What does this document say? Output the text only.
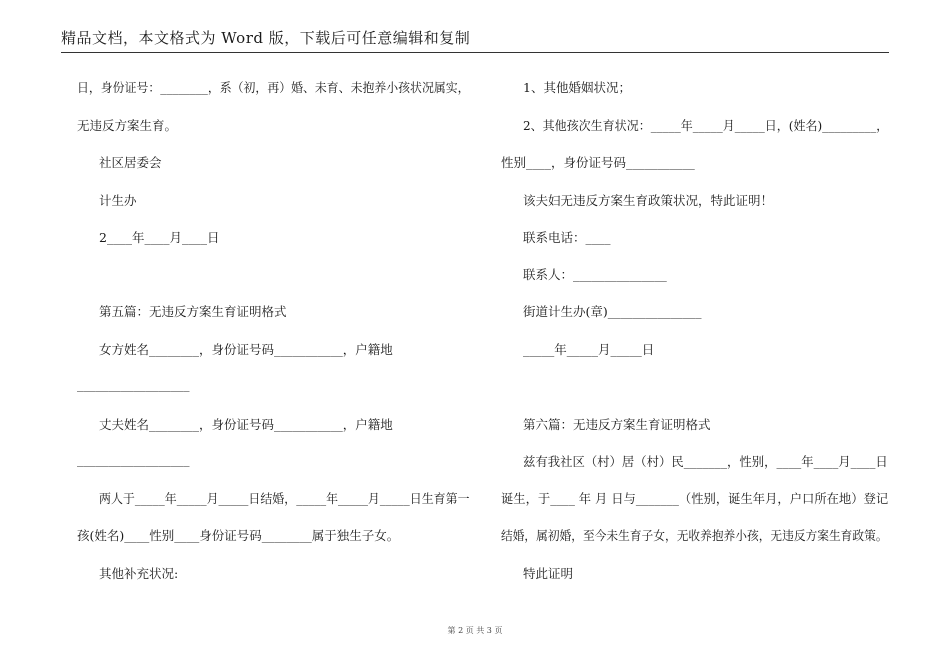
精品文档，本文格式为 Word 版，下载后可任意编辑和复制
日，身份证号：________，系（初，再）婚、未育、未抱养小孩状况属实，
无违反方案生育。
社区居委会
计生办
2____年____月____日
第五篇：无违反方案生育证明格式
女方姓名________，身份证号码___________，户籍地
__________________
丈夫姓名________，身份证号码___________，户籍地
__________________
两人于_____年_____月_____日结婚，_____年_____月_____日生育第一
孩(姓名)____性别____身份证号码________属于独生子女。
其他补充状况:
1、其他婚姻状况；
2、其他孩次生育状况：_____年_____月_____日，(姓名)_________，
性别____，身份证号码___________
该夫妇无违反方案生育政策状况，特此证明！
联系电话：____
联系人：_______________
街道计生办(章)_______________
_____年_____月_____日
第六篇：无违反方案生育证明格式
兹有我社区（村）居（村）民_______，性别，____年____月____日
诞生，于____ 年 月 日与_______（性别，诞生年月，户口所在地）登记
结婚，属初婚，至今未生育子女，无收养抱养小孩，无违反方案生育政策。
特此证明
第 2 页 共 3 页
